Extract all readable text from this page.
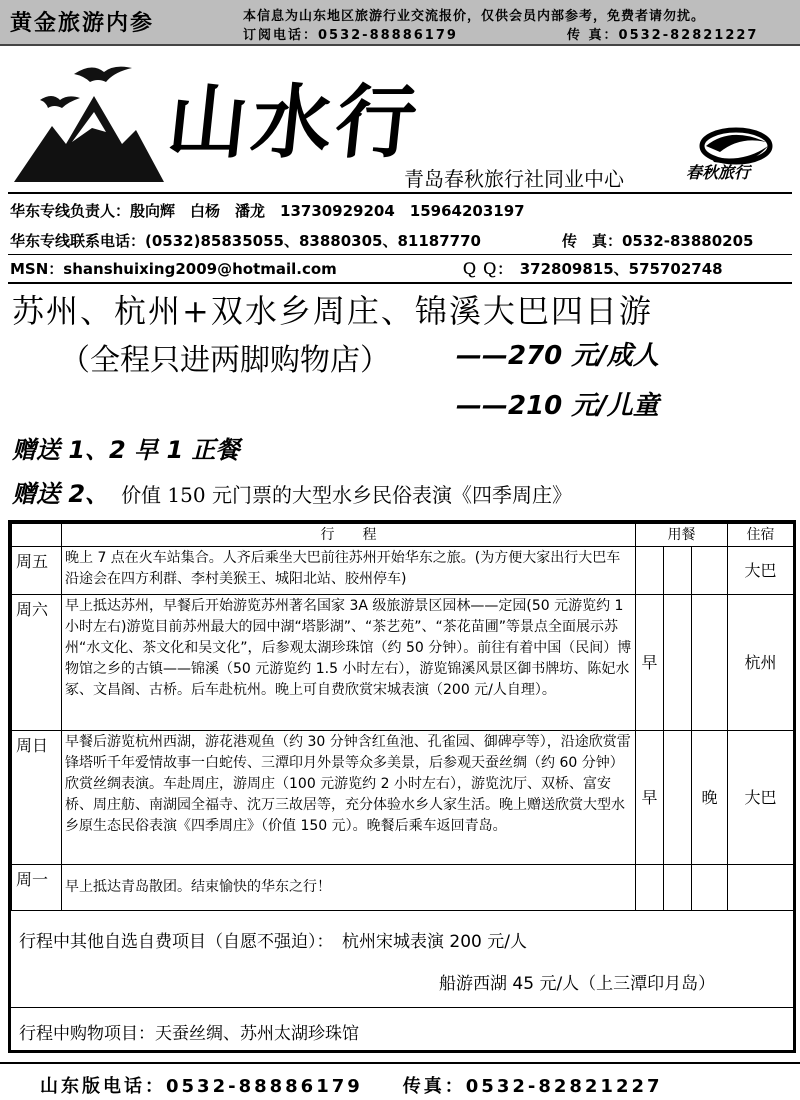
黄金旅游内参	本信息为山东地区旅游行业交流报价，仅供会员内部参考，免费者请勿扰。
订阅电话：0532-88886179	传 真：0532-82821227
山水行
青岛春秋旅行社同业中心	春秋旅行
华东专线负责人：殷向辉　白杨　潘龙　13730929204　15964203197
华东专线联系电话：(0532)85835055、83880305、81187770	传　真：0532-83880205
MSN：shanshuixing2009@hotmail.com	Ｑ Ｑ：　372809815、575702748
苏州、杭州+双水乡周庄、锦溪大巴四日游
（全程只进两脚购物店）	——270 元/成人
——210 元/儿童
赠送 1、2 早 1 正餐
赠送 2、 价值 150 元门票的大型水乡民俗表演《四季周庄》
	行　　程	用餐			住宿
周五	晚上 7 点在火车站集合。人齐后乘坐大巴前往苏州开始华东之旅。(为方便大家出行大巴车沿途会在四方利群、李村美猴王、城阳北站、胶州停车)				大巴
周六	早上抵达苏州，早餐后开始游览苏州著名国家 3A 级旅游景区园林——定园(50 元游览约 1 小时左右)游览目前苏州最大的园中湖“塔影湖”、“茶艺苑”、“茶花苗圃”等景点全面展示苏州“水文化、茶文化和吴文化”，后参观太湖珍珠馆（约 50 分钟）。前往有着中国（民间）博物馆之乡的古镇——锦溪（50 元游览约 1.5 小时左右），游览锦溪风景区御书牌坊、陈妃水冢、文昌阁、古桥。后车赴杭州。晚上可自费欣赏宋城表演（200 元/人自理）。	早			杭州
周日	早餐后游览杭州西湖，游花港观鱼（约 30 分钟含红鱼池、孔雀园、御碑亭等），沿途欣赏雷锋塔听千年爱情故事一白蛇传、三潭印月外景等众多美景，后参观天蚕丝绸（约 60 分钟）欣赏丝绸表演。车赴周庄，游周庄（100 元游览约 2 小时左右），游览沈厅、双桥、富安桥、周庄舫、南湖园全福寺、沈万三故居等，充分体验水乡人家生活。晚上赠送欣赏大型水乡原生态民俗表演《四季周庄》（价值 150 元）。晚餐后乘车返回青岛。	早		晚	大巴
周一	早上抵达青岛散团。结束愉快的华东之行！				
行程中其他自选自费项目（自愿不强迫）：　杭州宋城表演 200 元/人
船游西湖 45 元/人（上三潭印月岛）
行程中购物项目：天蚕丝绸、苏州太湖珍珠馆
山东版电话：0532-88886179 传真：0532-82821227
